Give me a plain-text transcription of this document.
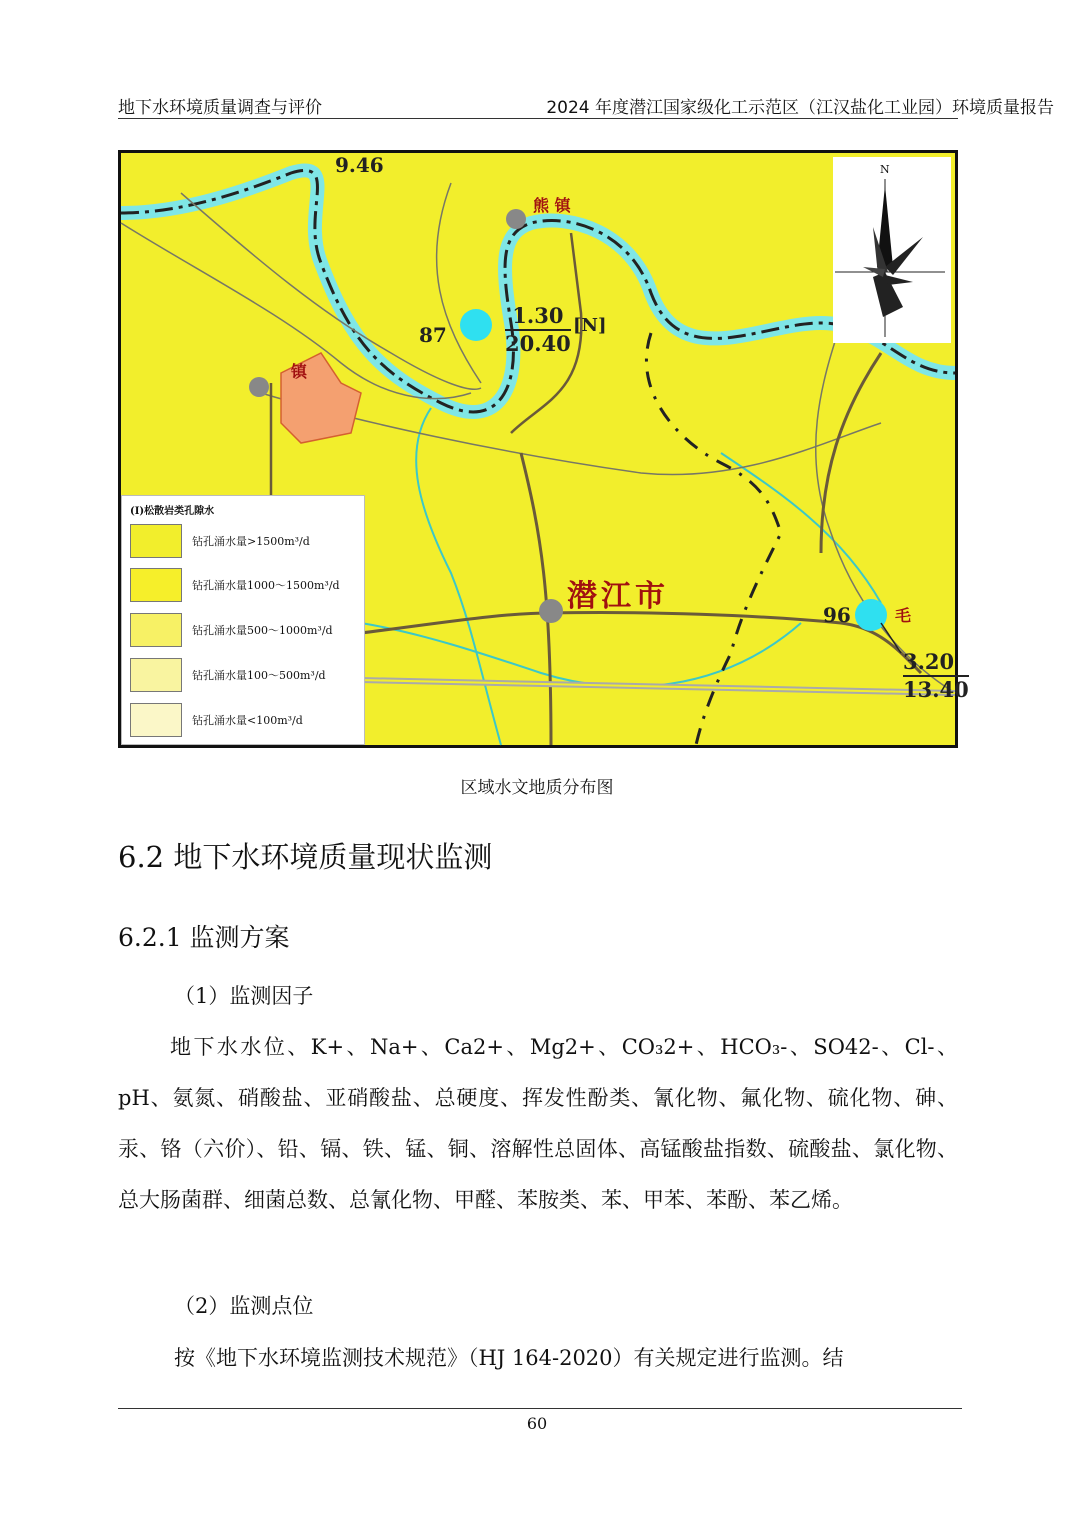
地下水环境质量调查与评价	2024 年度潜江国家级化工示范区（江汉盐化工业园）环境质量报告
9.46
熊 镇
镇
潜江市
毛
87	$\frac{1.30}{20.40} [N]$
96
$\frac{3.20}{13.40}$
N
(I)松散岩类孔隙水
钻孔涌水量>1500m³/d
钻孔涌水量1000～1500m³/d
钻孔涌水量500～1000m³/d
钻孔涌水量100～500m³/d
钻孔涌水量<100m³/d
区域水文地质分布图
6.2 地下水环境质量现状监测
6.2.1 监测方案
（1）监测因子
地下水水位、K+、Na+、Ca2+、Mg2+、CO₃2+、HCO₃-、SO42-、Cl-、pH、氨氮、硝酸盐、亚硝酸盐、总硬度、挥发性酚类、氰化物、氟化物、硫化物、砷、汞、铬（六价）、铅、镉、铁、锰、铜、溶解性总固体、高锰酸盐指数、硫酸盐、氯化物、总大肠菌群、细菌总数、总氰化物、甲醛、苯胺类、苯、甲苯、苯酚、苯乙烯。
（2）监测点位
按《地下水环境监测技术规范》（HJ 164-2020）有关规定进行监测。结
60
